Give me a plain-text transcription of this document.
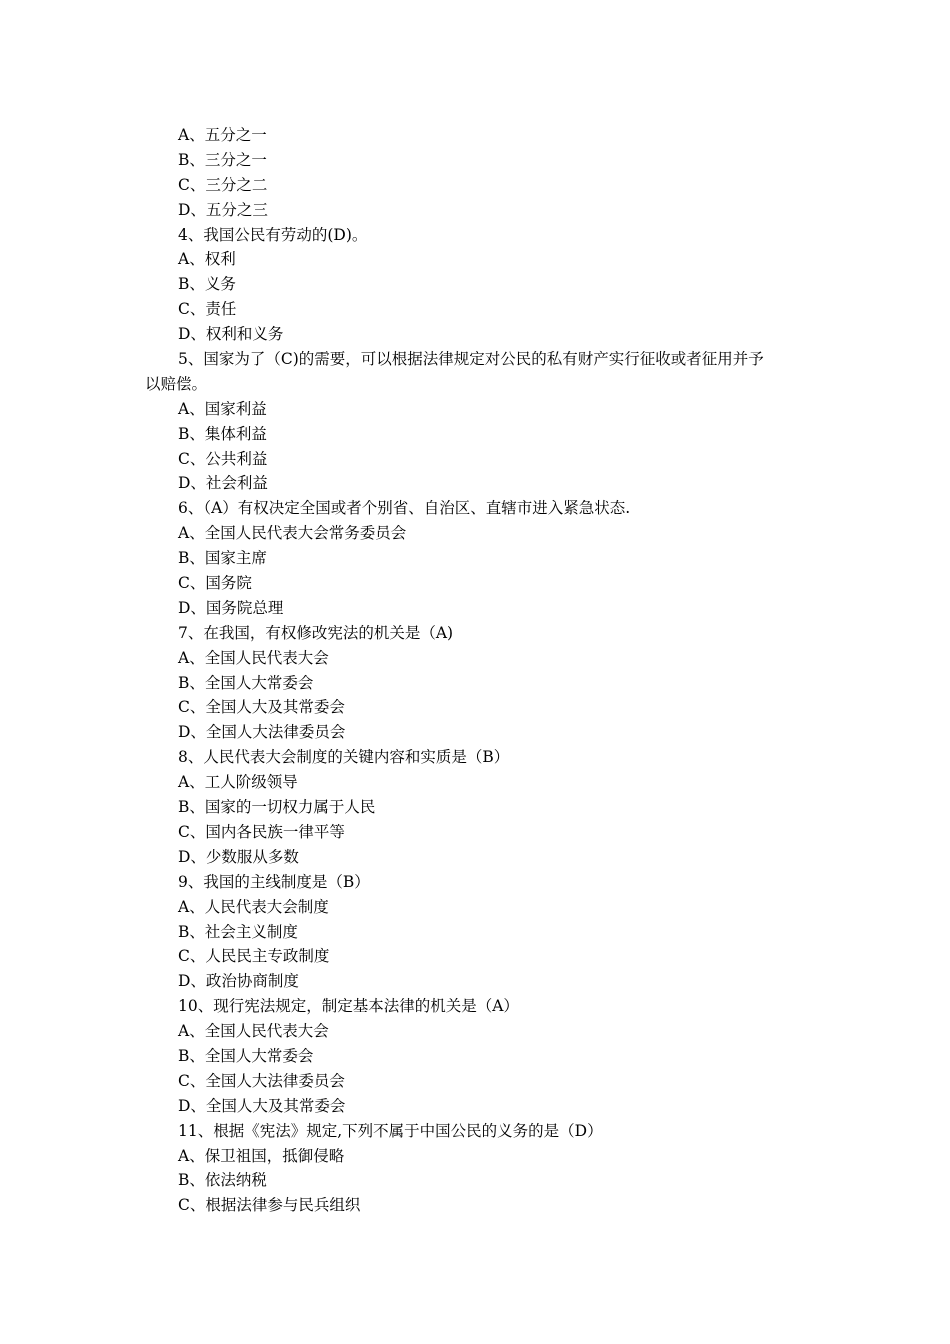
A、五分之一
B、三分之一
C、三分之二
D、五分之三
4、我国公民有劳动的(D)。
A、权利
B、义务
C、责任
D、权利和义务
5、国家为了（C)的需要，可以根据法律规定对公民的私有财产实行征收或者征用并予
以赔偿。
A、国家利益
B、集体利益
C、公共利益
D、社会利益
6、（A）有权决定全国或者个别省、自治区、直辖市进入紧急状态.
A、全国人民代表大会常务委员会
B、国家主席
C、国务院
D、国务院总理
7、在我国，有权修改宪法的机关是（A)
A、全国人民代表大会
B、全国人大常委会
C、全国人大及其常委会
D、全国人大法律委员会
8、人民代表大会制度的关键内容和实质是（B）
A、工人阶级领导
B、国家的一切权力属于人民
C、国内各民族一律平等
D、少数服从多数
9、我国的主线制度是（B）
A、人民代表大会制度
B、社会主义制度
C、人民民主专政制度
D、政治协商制度
10、现行宪法规定，制定基本法律的机关是（A）
A、全国人民代表大会
B、全国人大常委会
C、全国人大法律委员会
D、全国人大及其常委会
11、根据《宪法》规定,下列不属于中国公民的义务的是（D）
A、保卫祖国，抵御侵略
B、依法纳税
C、根据法律参与民兵组织
